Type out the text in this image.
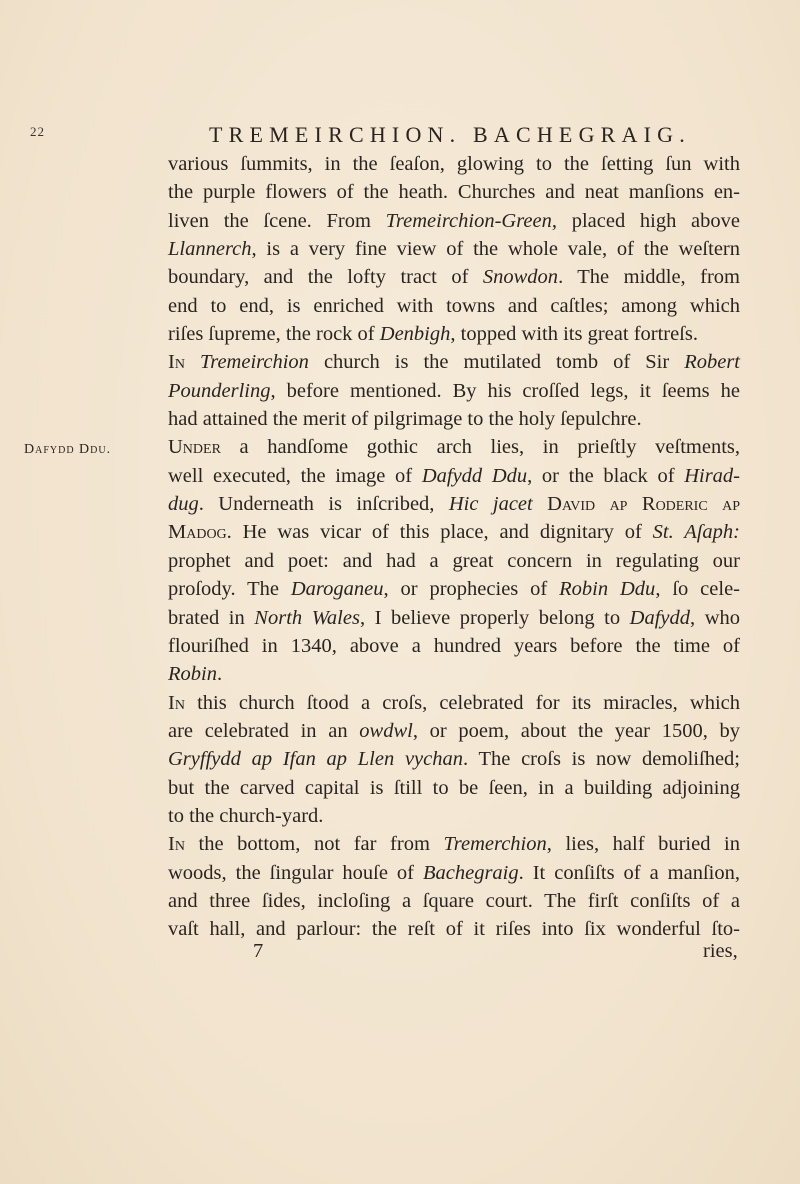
22	TREMEIRCHION. BACHEGRAIG.
Dafydd Ddu.
various ſummits, in the ſeaſon, glowing to the ſetting ſun with
the purple flowers of the heath. Churches and neat manſions en-
liven the ſcene. From Tremeirchion-Green, placed high above
Llannerch, is a very fine view of the whole vale, of the weſtern
boundary, and the lofty tract of Snowdon. The middle, from
end to end, is enriched with towns and caſtles; among which
riſes ſupreme, the rock of Denbigh, topped with its great fortreſs.
In Tremeirchion church is the mutilated tomb of Sir Robert
Pounderling, before mentioned. By his croſſed legs, it ſeems he
had attained the merit of pilgrimage to the holy ſepulchre.
Under a handſome gothic arch lies, in prieſtly veſtments,
well executed, the image of Dafydd Ddu, or the black of Hirad-
dug. Underneath is inſcribed, Hic jacet David ap Roderic ap
Madog. He was vicar of this place, and dignitary of St. Aſaph:
prophet and poet: and had a great concern in regulating our
proſody. The Daroganeu, or prophecies of Robin Ddu, ſo cele-
brated in North Wales, I believe properly belong to Dafydd, who
flouriſhed in 1340, above a hundred years before the time of
Robin.
In this church ſtood a croſs, celebrated for its miracles, which
are celebrated in an owdwl, or poem, about the year 1500, by
Gryffydd ap Ifan ap Llen vychan. The croſs is now demoliſhed;
but the carved capital is ſtill to be ſeen, in a building adjoining
to the church-yard.
In the bottom, not far from Tremerchion, lies, half buried in
woods, the ſingular houſe of Bachegraig. It conſiſts of a manſion,
and three ſides, incloſing a ſquare court. The firſt conſiſts of a
vaſt hall, and parlour: the reſt of it riſes into ſix wonderful ſto-
7	ries,
